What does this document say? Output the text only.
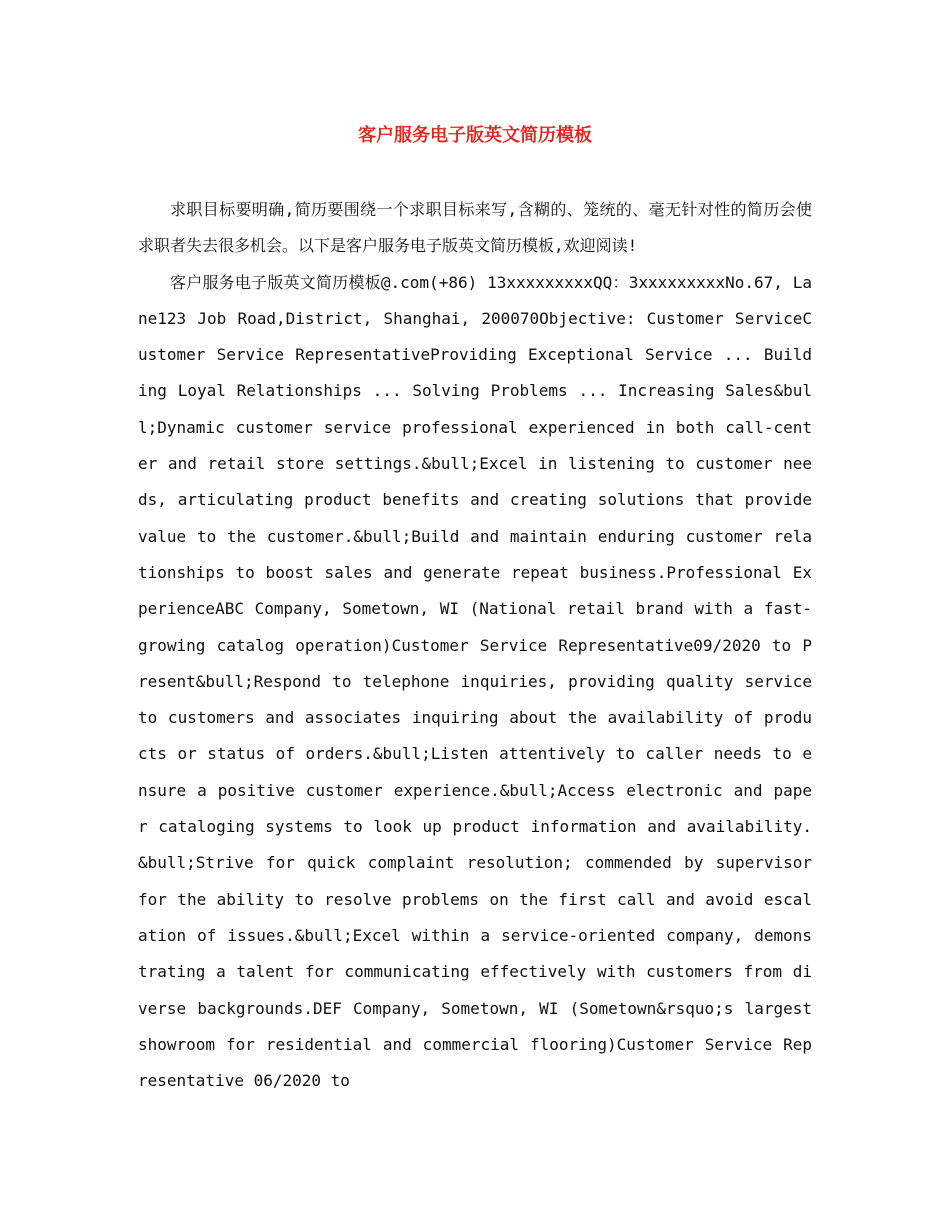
客户服务电子版英文简历模板

求职目标要明确,简历要围绕一个求职目标来写,含糊的、笼统的、毫无针对性的简历会使求职者失去很多机会。以下是客户服务电子版英文简历模板,欢迎阅读!

客户服务电子版英文简历模板@.com(+86) 13xxxxxxxxxQQ：3xxxxxxxxxNo.67, Lane123 Job Road,District, Shanghai, 200070Objective: Customer ServiceCustomer Service RepresentativeProviding Exceptional Service ... Building Loyal Relationships ... Solving Problems ... Increasing Sales&bull;Dynamic customer service professional experienced in both call-center and retail store settings.&bull;Excel in listening to customer needs, articulating product benefits and creating solutions that provide value to the customer.&bull;Build and maintain enduring customer relationships to boost sales and generate repeat business.Professional ExperienceABC Company, Sometown, WI (National retail brand with a fast-growing catalog operation)Customer Service Representative09/2020 to Present&bull;Respond to telephone inquiries, providing quality service to customers and associates inquiring about the availability of products or status of orders.&bull;Listen attentively to caller needs to ensure a positive customer experience.&bull;Access electronic and paper cataloging systems to look up product information and availability.&bull;Strive for quick complaint resolution; commended by supervisor for the ability to resolve problems on the first call and avoid escalation of issues.&bull;Excel within a service-oriented company, demonstrating a talent for communicating effectively with customers from diverse backgrounds.DEF Company, Sometown, WI (Sometown&rsquo;s largest showroom for residential and commercial flooring)Customer Service Representative 06/2020 to
